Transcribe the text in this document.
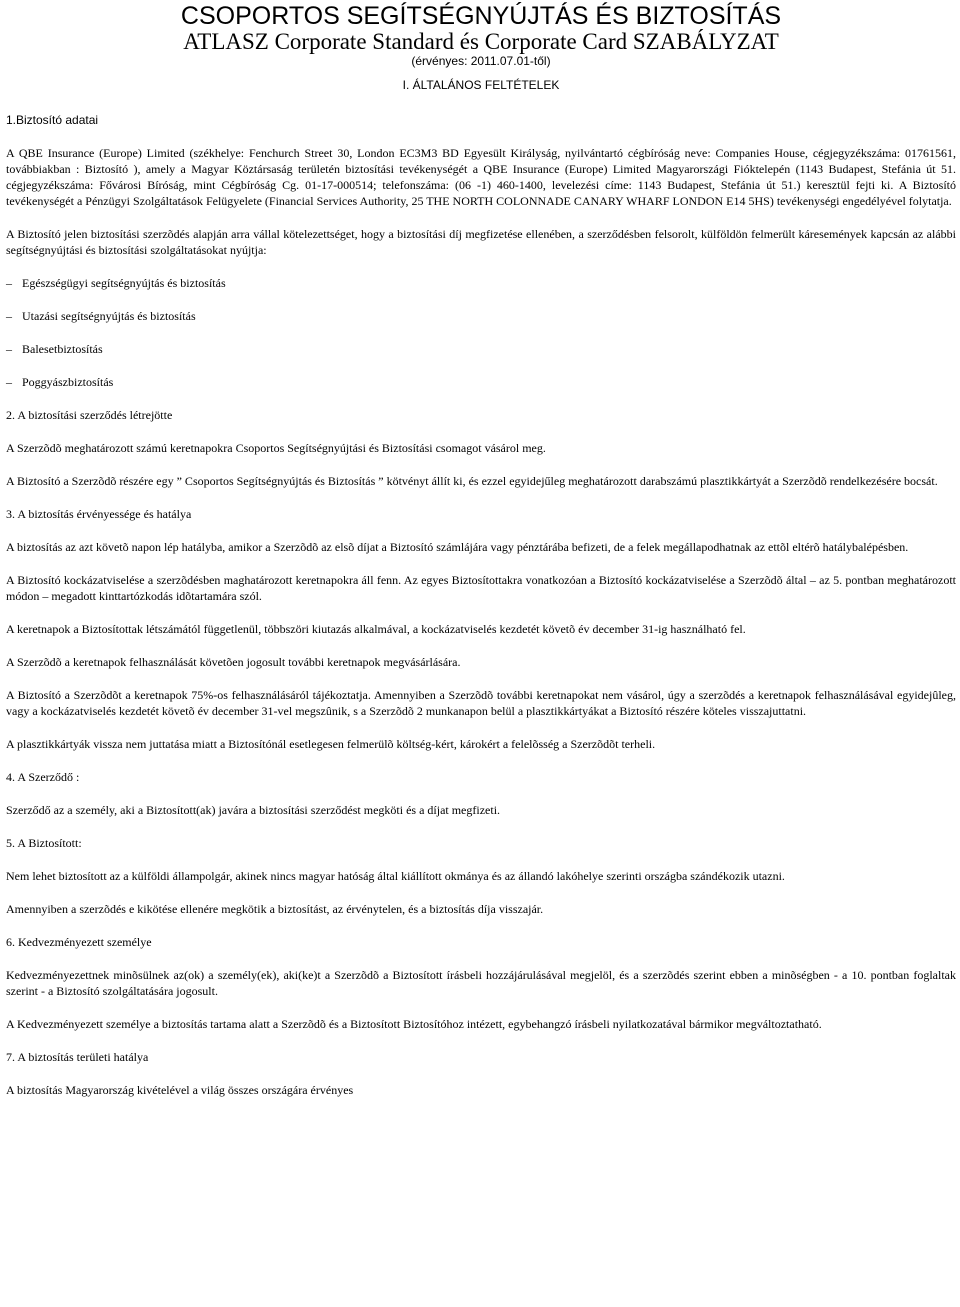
CSOPORTOS SEGÍTSÉGNYÚJTÁS ÉS BIZTOSÍTÁS
ATLASZ Corporate Standard és Corporate Card SZABÁLYZAT
(érvényes: 2011.07.01-től)
I. ÁLTALÁNOS FELTÉTELEK
1.Biztosító adatai

A QBE Insurance (Europe) Limited (székhelye: Fenchurch Street 30, London EC3M3 BD Egyesült Királyság, nyilvántartó cégbíróság neve: Companies House, cégjegyzékszáma: 01761561, továbbiakban : Biztosító ), amely a Magyar Köztársaság területén biztosítási tevékenységét a QBE Insurance (Europe) Limited Magyarországi Fióktelepén (1143 Budapest, Stefánia út 51. cégjegyzékszáma: Fővárosi Bíróság, mint Cégbíróság Cg. 01-17-000514; telefonszáma: (06 -1) 460-1400, levelezési címe: 1143 Budapest, Stefánia út 51.) keresztül fejti ki. A Biztosító tevékenységét a Pénzügyi Szolgáltatások Felügyelete (Financial Services Authority, 25 THE NORTH COLONNADE CANARY WHARF LONDON E14 5HS) tevékenységi engedélyével folytatja.

A Biztosító jelen biztosítási szerzõdés alapján arra vállal kötelezettséget, hogy a biztosítási díj megfizetése ellenében, a szerződésben felsorolt, külföldön felmerült káresemények kapcsán az alábbi segítségnyújtási és biztosítási szolgáltatásokat nyújtja:

– Egészségügyi segítségnyújtás és biztosítás
– Utazási segítségnyújtás és biztosítás
– Balesetbiztosítás
– Poggyászbiztosítás
2. A biztosítási szerződés létrejötte

A Szerzõdõ meghatározott számú keretnapokra Csoportos Segítségnyújtási és Biztosítási csomagot vásárol meg.

A Biztosító a Szerzõdõ részére egy ” Csoportos Segítségnyújtás és Biztosítás ” kötvényt állít ki, és ezzel egyidejűleg meghatározott darabszámú plasztikkártyát a Szerzõdõ rendelkezésére bocsát.

3. A biztosítás érvényessége és hatálya

A biztosítás az azt követõ napon lép hatályba, amikor a Szerzõdõ az elsõ díjat a Biztosító számlájára vagy pénztárába befizeti, de a felek megállapodhatnak az ettõl eltérõ hatálybalépésben.

A Biztosító kockázatviselése a szerzõdésben maghatározott keretnapokra áll fenn. Az egyes Biztosítottakra vonatkozóan a Biztosító kockázatviselése a Szerzõdõ által – az 5. pontban meghatározott módon – megadott kinttartózkodás idõtartamára szól.

A keretnapok a Biztosítottak létszámától függetlenül, többszöri kiutazás alkalmával, a kockázatviselés kezdetét követõ év december 31-ig használható fel.

A Szerzõdõ a keretnapok felhasználását követõen jogosult további keretnapok megvásárlására.

A Biztosító a Szerzõdõt a keretnapok 75%-os felhasználásáról tájékoztatja. Amennyiben a Szerzõdõ további keretnapokat nem vásárol, úgy a szerzõdés a keretnapok felhasználásával egyidejûleg, vagy a kockázatviselés kezdetét követõ év december 31-vel megszûnik, s a Szerzõdõ 2 munkanapon belül a plasztikkártyákat a Biztosító részére köteles visszajuttatni.

A plasztikkártyák vissza nem juttatása miatt a Biztosítónál esetlegesen felmerülõ költség-kért, károkért a felelõsség a Szerzõdõt terheli.

4. A Szerződő :

Szerződő az a személy, aki a Biztosított(ak) javára a biztosítási szerződést megköti és a díjat megfizeti.

5. A Biztosított:

Nem lehet biztosított az a külföldi állampolgár, akinek nincs magyar hatóság által kiállított okmánya és az állandó lakóhelye szerinti országba szándékozik utazni.

Amennyiben a szerzõdés e kikötése ellenére megkötik a biztosítást, az érvénytelen, és a biztosítás díja visszajár.

6. Kedvezményezett személye

Kedvezményezettnek minõsülnek az(ok) a személy(ek), aki(ke)t a Szerzõdõ a Biztosított írásbeli hozzájárulásával megjelöl, és a szerzõdés szerint ebben a minõségben - a 10. pontban foglaltak szerint - a Biztosító szolgáltatására jogosult.

A Kedvezményezett személye a biztosítás tartama alatt a Szerzõdõ és a Biztosított Biztosítóhoz intézett, egybehangzó írásbeli nyilatkozatával bármikor megváltoztatható.

7. A biztosítás területi hatálya

A biztosítás Magyarország kivételével a világ összes országára érvényes
